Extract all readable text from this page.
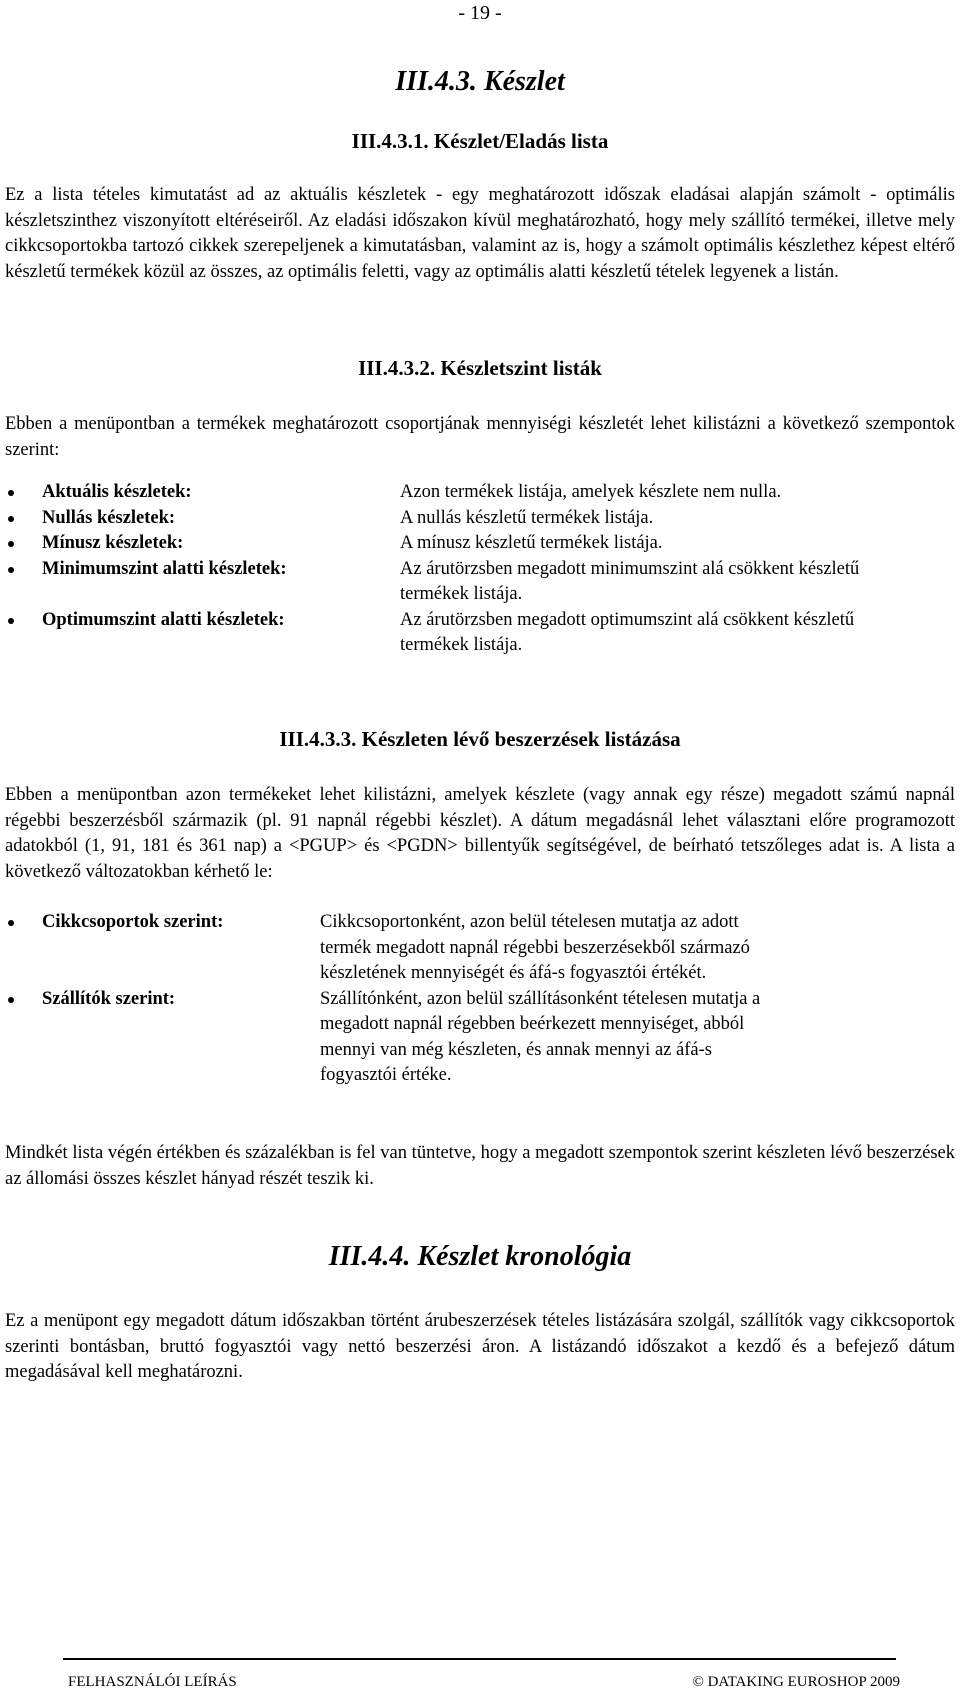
- 19 -
III.4.3. Készlet
III.4.3.1. Készlet/Eladás lista

Ez a lista tételes kimutatást ad az aktuális készletek - egy meghatározott időszak eladásai alapján számolt - optimális készletszinthez viszonyított eltéréseiről. Az eladási időszakon kívül meghatározható, hogy mely szállító termékei, illetve mely cikkcsoportokba tartozó cikkek szerepeljenek a kimutatásban, valamint az is, hogy a számolt optimális készlethez képest eltérő készletű termékek közül az összes, az optimális feletti, vagy az optimális alatti készletű tételek legyenek a listán.

III.4.3.2. Készletszint listák

Ebben a menüpontban a termékek meghatározott csoportjának mennyiségi készletét lehet kilistázni a következő szempontok szerint:

Aktuális készletek:	Azon termékek listája, amelyek készlete nem nulla.
Nullás készletek:	A nullás készletű termékek listája.
Mínusz készletek:	A mínusz készletű termékek listája.
Minimumszint alatti készletek:	Az árutörzsben megadott minimumszint alá csökkent készletű termékek listája.
Optimumszint alatti készletek:	Az árutörzsben megadott optimumszint alá csökkent készletű termékek listája.
III.4.3.3. Készleten lévő beszerzések listázása

Ebben a menüpontban azon termékeket lehet kilistázni, amelyek készlete (vagy annak egy része) megadott számú napnál régebbi beszerzésből származik (pl. 91 napnál régebbi készlet). A dátum megadásnál lehet választani előre programozott adatokból (1, 91, 181 és 361 nap) a <PGUP> és <PGDN> billentyűk segítségével, de beírható tetszőleges adat is. A lista a következő változatokban kérhető le:

Cikkcsoportok szerint:	Cikkcsoportonként, azon belül tételesen mutatja az adott termék megadott napnál régebbi beszerzésekből származó készletének mennyiségét és áfá-s fogyasztói értékét.
Szállítók szerint:	Szállítónként, azon belül szállításonként tételesen mutatja a megadott napnál régebben beérkezett mennyiséget, abból mennyi van még készleten, és annak mennyi az áfá-s fogyasztói értéke.

Mindkét lista végén értékben és százalékban is fel van tüntetve, hogy a megadott szempontok szerint készleten lévő beszerzések az állomási összes készlet hányad részét teszik ki.

III.4.4. Készlet kronológia

Ez a menüpont egy megadott dátum időszakban történt árubeszerzések tételes listázására szolgál, szállítók vagy cikkcsoportok szerinti bontásban, bruttó fogyasztói vagy nettó beszerzési áron. A listázandó időszakot a kezdő és a befejező dátum megadásával kell meghatározni.

FELHASZNÁLÓI LEÍRÁS	© DATAKING EUROSHOP 2009
